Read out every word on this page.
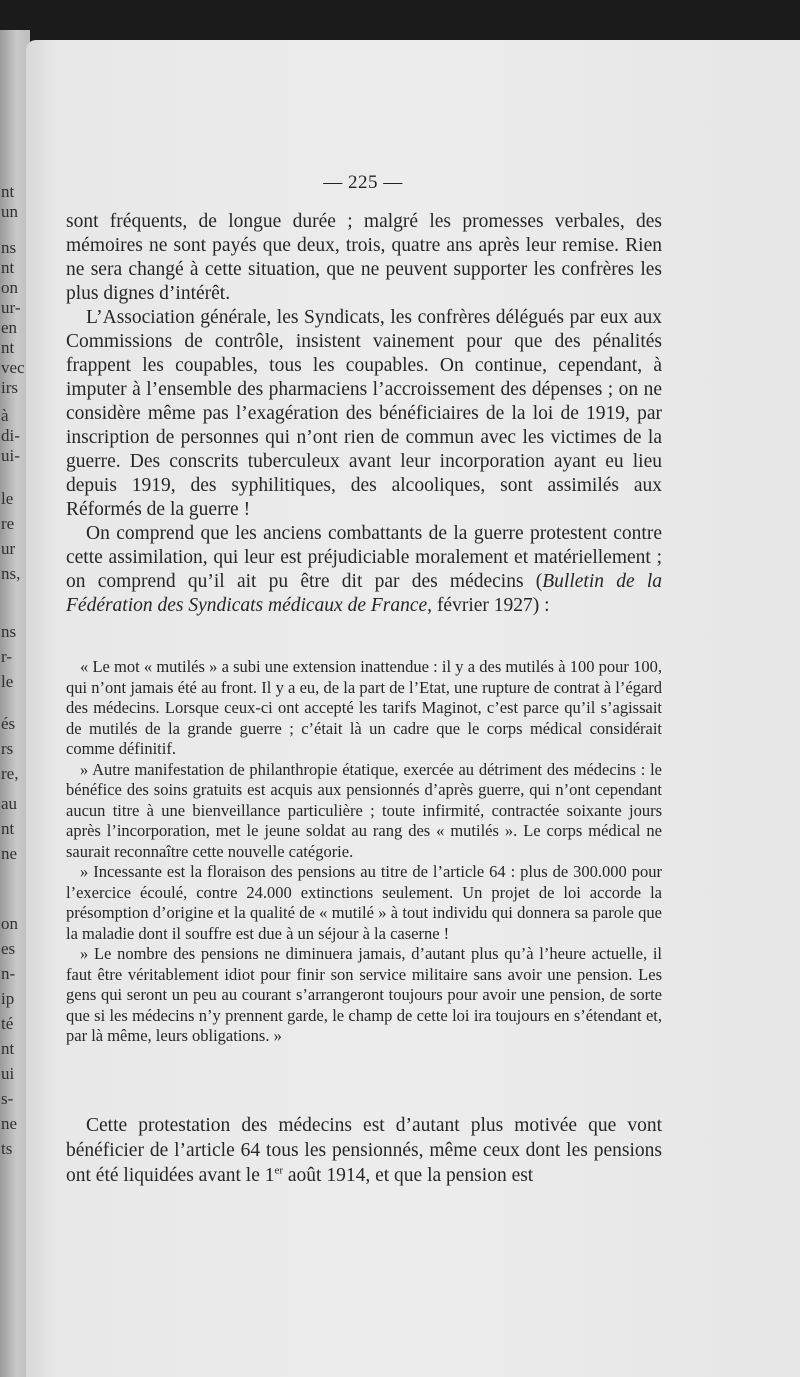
nt
un
ns
nt
on
ur-
en
nt
vec
irs
à
di-
ui-
le
re
ur
ns,
ns
r-
le
és
rs
re,
au
nt
ne
on
es
n-
ip
té
nt
ui
s-
ne
ts
— 225 —

sont fréquents, de longue durée ; malgré les promesses verbales, des mémoires ne sont payés que deux, trois, quatre ans après leur remise. Rien ne sera changé à cette situation, que ne peuvent supporter les confrères les plus dignes d’intérêt.

L’Association générale, les Syndicats, les confrères délégués par eux aux Commissions de contrôle, insistent vainement pour que des pénalités frappent les coupables, tous les coupables. On continue, cependant, à imputer à l’ensemble des pharmaciens l’accroissement des dépenses ; on ne considère même pas l’exagération des bénéficiaires de la loi de 1919, par inscription de personnes qui n’ont rien de commun avec les victimes de la guerre. Des conscrits tuberculeux avant leur incorporation ayant eu lieu depuis 1919, des syphilitiques, des alcooliques, sont assimilés aux Réformés de la guerre !

On comprend que les anciens combattants de la guerre protestent contre cette assimilation, qui leur est préjudiciable moralement et matériellement ; on comprend qu’il ait pu être dit par des médecins (Bulletin de la Fédération des Syndicats médicaux de France, février 1927) :

« Le mot « mutilés » a subi une extension inattendue : il y a des mutilés à 100 pour 100, qui n’ont jamais été au front. Il y a eu, de la part de l’Etat, une rupture de contrat à l’égard des médecins. Lorsque ceux-ci ont accepté les tarifs Maginot, c’est parce qu’il s’agissait de mutilés de la grande guerre ; c’était là un cadre que le corps médical considérait comme définitif.

» Autre manifestation de philanthropie étatique, exercée au détriment des médecins : le bénéfice des soins gratuits est acquis aux pensionnés d’après guerre, qui n’ont cependant aucun titre à une bienveillance particulière ; toute infirmité, contractée soixante jours après l’incorporation, met le jeune soldat au rang des « mutilés ». Le corps médical ne saurait reconnaître cette nouvelle catégorie.

» Incessante est la floraison des pensions au titre de l’article 64 : plus de 300.000 pour l’exercice écoulé, contre 24.000 extinctions seulement. Un projet de loi accorde la présomption d’origine et la qualité de « mutilé » à tout individu qui donnera sa parole que la maladie dont il souffre est due à un séjour à la caserne !

» Le nombre des pensions ne diminuera jamais, d’autant plus qu’à l’heure actuelle, il faut être véritablement idiot pour finir son service militaire sans avoir une pension. Les gens qui seront un peu au courant s’arrangeront toujours pour avoir une pension, de sorte que si les médecins n’y prennent garde, le champ de cette loi ira toujours en s’étendant et, par là même, leurs obligations. »

Cette protestation des médecins est d’autant plus motivée que vont bénéficier de l’article 64 tous les pensionnés, même ceux dont les pensions ont été liquidées avant le 1er août 1914, et que la pension est
